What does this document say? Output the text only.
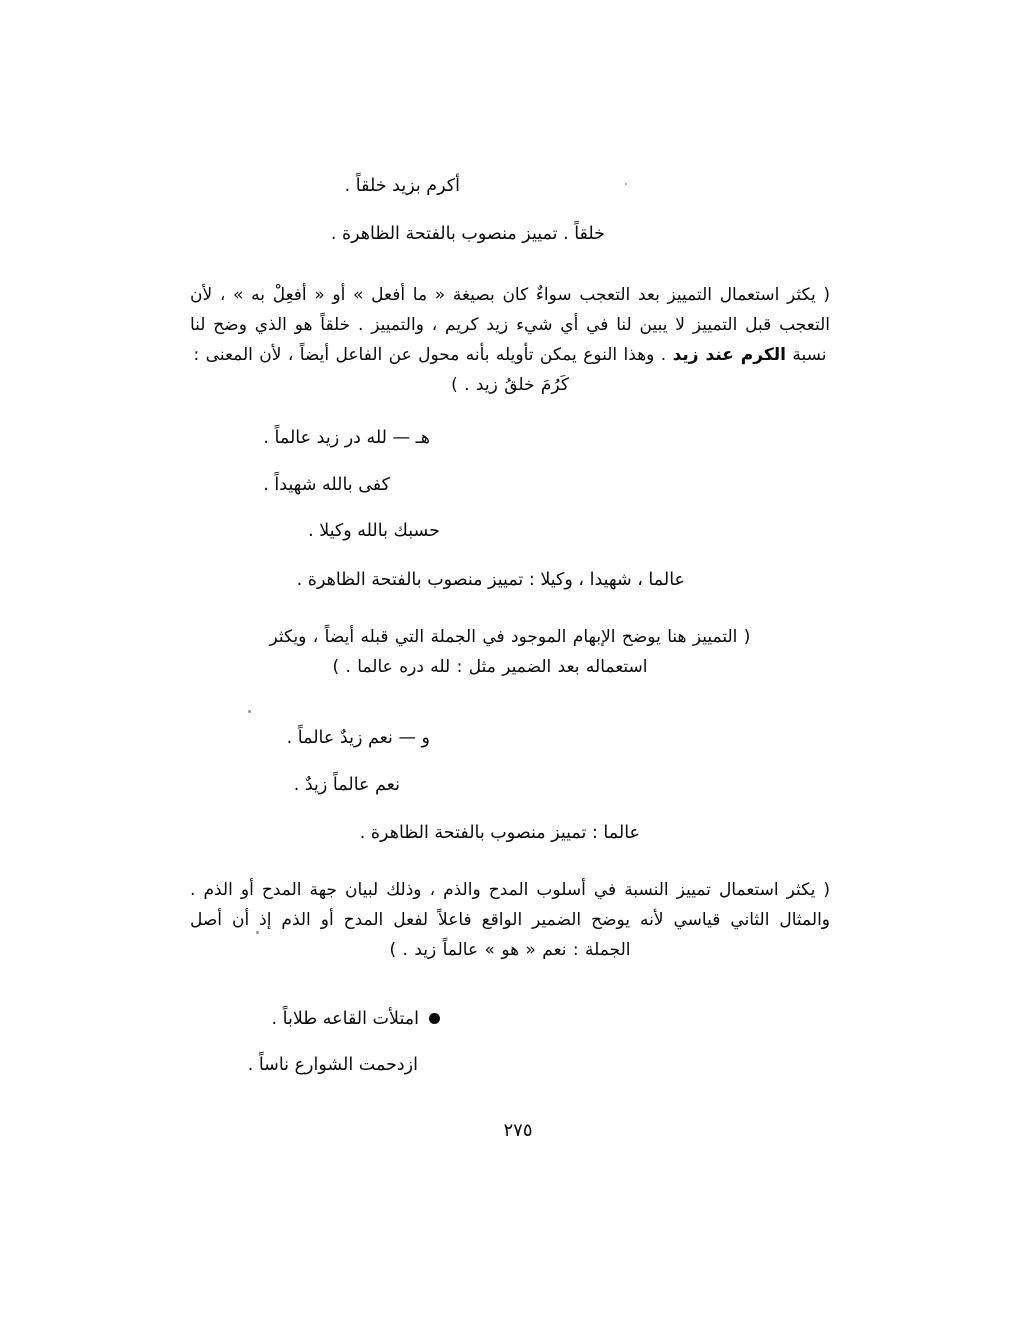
أكرم بزيد خلقاً .
خلقاً . تمييز منصوب بالفتحة الظاهرة .
( يكثر استعمال التمييز بعد التعجب سواءٌ كان بصيغة « ما أفعل » أو « أفعِلْ به » ، لأن التعجب قبل التمييز لا يبين لنا في أي شيء زيد كريم ، والتمييز . خلقاً هو الذي وضح لنا نسبة الكرم عند زيد . وهذا النوع يمكن تأويله بأنه محول عن الفاعل أيضاً ، لأن المعنى :
كَرُمَ خلقُ زيد . )
هـ — لله در زيد عالماً .
كفى بالله شهيداً .
حسبك بالله وكيلا .
عالما ، شهيدا ، وكيلا : تمييز منصوب بالفتحة الظاهرة .
( التمييز هنا يوضح الإبهام الموجود في الجملة التي قبله أيضاً ، ويكثر
استعماله بعد الضمير مثل : لله دره عالما . )
و — نعم زيدٌ عالماً .
نعم عالماً زيدٌ .
عالما : تمييز منصوب بالفتحة الظاهرة .
( يكثر استعمال تمييز النسبة في أسلوب المدح والذم ، وذلك لبيان جهة المدح أو الذم . والمثال الثاني قياسي لأنه يوضح الضمير الواقع فاعلاً لفعل المدح أو الذم إذ أن أصل الجملة : نعم « هو » عالماً زيد . )
امتلأت القاعه طلاباً .
ازدحمت الشوارع ناساً .
٢٧٥
